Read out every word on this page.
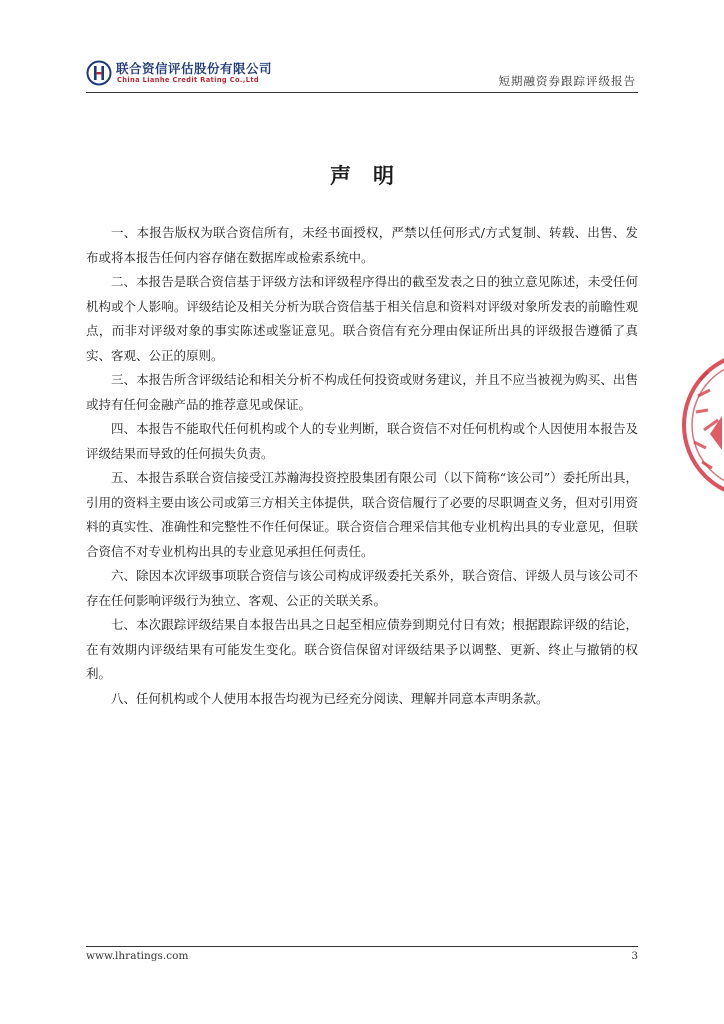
联合资信评估股份有限公司
China Lianhe Credit Rating Co.,Ltd	短期融资券跟踪评级报告
声明

一、本报告版权为联合资信所有，未经书面授权，严禁以任何形式/方式复制、转载、出售、发布或将本报告任何内容存储在数据库或检索系统中。

二、本报告是联合资信基于评级方法和评级程序得出的截至发表之日的独立意见陈述，未受任何机构或个人影响。评级结论及相关分析为联合资信基于相关信息和资料对评级对象所发表的前瞻性观点，而非对评级对象的事实陈述或鉴证意见。联合资信有充分理由保证所出具的评级报告遵循了真实、客观、公正的原则。

三、本报告所含评级结论和相关分析不构成任何投资或财务建议，并且不应当被视为购买、出售或持有任何金融产品的推荐意见或保证。

四、本报告不能取代任何机构或个人的专业判断，联合资信不对任何机构或个人因使用本报告及评级结果而导致的任何损失负责。

五、本报告系联合资信接受江苏瀚海投资控股集团有限公司（以下简称“该公司”）委托所出具，引用的资料主要由该公司或第三方相关主体提供，联合资信履行了必要的尽职调查义务，但对引用资料的真实性、准确性和完整性不作任何保证。联合资信合理采信其他专业机构出具的专业意见，但联合资信不对专业机构出具的专业意见承担任何责任。

六、除因本次评级事项联合资信与该公司构成评级委托关系外，联合资信、评级人员与该公司不存在任何影响评级行为独立、客观、公正的关联关系。

七、本次跟踪评级结果自本报告出具之日起至相应债券到期兑付日有效；根据跟踪评级的结论，在有效期内评级结果有可能发生变化。联合资信保留对评级结果予以调整、更新、终止与撤销的权利。

八、任何机构或个人使用本报告均视为已经充分阅读、理解并同意本声明条款。

www.lhratings.com	3
